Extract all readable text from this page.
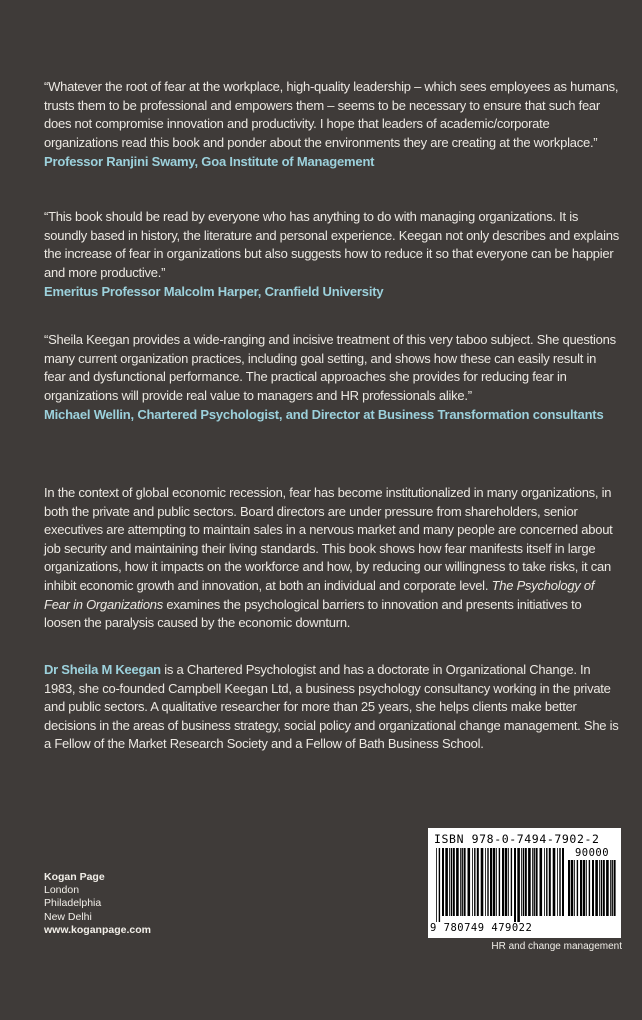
“Whatever the root of fear at the workplace, high-quality leadership – which sees employees as humans, trusts them to be professional and empowers them – seems to be necessary to ensure that such fear does not compromise innovation and productivity. I hope that leaders of academic/corporate organizations read this book and ponder about the environments they are creating at the workplace.”

Professor Ranjini Swamy, Goa Institute of Management

“This book should be read by everyone who has anything to do with managing organizations. It is soundly based in history, the literature and personal experience. Keegan not only describes and explains the increase of fear in organizations but also suggests how to reduce it so that everyone can be happier and more productive.”

Emeritus Professor Malcolm Harper, Cranfield University

“Sheila Keegan provides a wide-ranging and incisive treatment of this very taboo subject. She questions many current organization practices, including goal setting, and shows how these can easily result in fear and dysfunctional performance. The practical approaches she provides for reducing fear in organizations will provide real value to managers and HR professionals alike.”

Michael Wellin, Chartered Psychologist, and Director at Business Transformation consultants

In the context of global economic recession, fear has become institutionalized in many organizations, in both the private and public sectors. Board directors are under pressure from shareholders, senior executives are attempting to maintain sales in a nervous market and many people are concerned about job security and maintaining their living standards. This book shows how fear manifests itself in large organizations, how it impacts on the workforce and how, by reducing our willingness to take risks, it can inhibit economic growth and innovation, at both an individual and corporate level. The Psychology of Fear in Organizations examines the psychological barriers to innovation and presents initiatives to loosen the paralysis caused by the economic downturn.

Dr Sheila M Keegan is a Chartered Psychologist and has a doctorate in Organizational Change. In 1983, she co-founded Campbell Keegan Ltd, a business psychology consultancy working in the private and public sectors. A qualitative researcher for more than 25 years, she helps clients make better decisions in the areas of business strategy, social policy and organizational change management. She is a Fellow of the Market Research Society and a Fellow of Bath Business School.

Kogan Page
London
Philadelphia
New Delhi
www.koganpage.com
ISBN 978-0-7494-7902-2
90000
9 780749 479022
HR and change management
